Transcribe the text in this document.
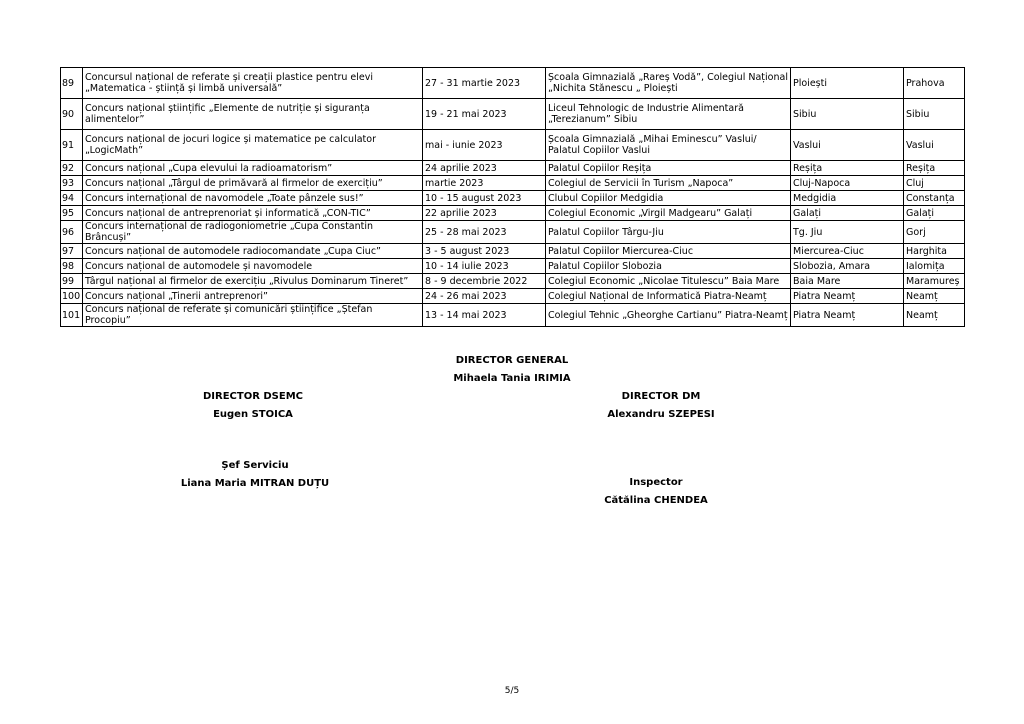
89	Concursul național de referate și creații plastice pentru elevi „Matematica - știință și limbă universală”	27 - 31 martie 2023	Școala Gimnazială „Rareș Vodă”, Colegiul Național „Nichita Stănescu „ Ploiești	Ploiești	Prahova
90	Concurs național științific „Elemente de nutriție și siguranța alimentelor”	19 - 21 mai 2023	Liceul Tehnologic de Industrie Alimentară „Terezianum” Sibiu	Sibiu	Sibiu
91	Concurs național de jocuri logice și matematice pe calculator „LogicMath”	mai - iunie 2023	Școala Gimnazială „Mihai Eminescu” Vaslui/ Palatul Copiilor Vaslui	Vaslui	Vaslui
92	Concurs național „Cupa elevului la radioamatorism”	24 aprilie 2023	Palatul Copiilor Reșița	Reșița	Reșița
93	Concurs național „Târgul de primăvară al firmelor de exercițiu”	martie 2023	Colegiul de Servicii în Turism „Napoca”	Cluj-Napoca	Cluj
94	Concurs internațional de navomodele „Toate pânzele sus!”	10 - 15 august 2023	Clubul Copiilor Medgidia	Medgidia	Constanța
95	Concurs național de antreprenoriat și informatică „CON-TIC”	22 aprilie 2023	Colegiul Economic „Virgil Madgearu” Galați	Galați	Galați
96	Concurs internațional de radiogoniometrie „Cupa Constantin Brâncuși”	25 - 28 mai 2023	Palatul Copiilor Târgu-Jiu	Tg. Jiu	Gorj
97	Concurs național de automodele radiocomandate „Cupa Ciuc”	3 - 5 august 2023	Palatul Copiilor Miercurea-Ciuc	Miercurea-Ciuc	Harghita
98	Concurs național de automodele și navomodele	10 - 14 iulie 2023	Palatul Copiilor Slobozia	Slobozia, Amara	Ialomița
99	Târgul național al firmelor de exercițiu „Rivulus Dominarum Tineret”	8 - 9 decembrie 2022	Colegiul Economic „Nicolae Titulescu” Baia Mare	Baia Mare	Maramureș
100	Concurs național „Tinerii antreprenori”	24 - 26 mai 2023	Colegiul Național de Informatică Piatra-Neamț	Piatra Neamț	Neamț
101	Concurs național de referate și comunicări științifice „Ștefan Procopiu”	13 - 14 mai 2023	Colegiul Tehnic „Gheorghe Cartianu” Piatra-Neamț	Piatra Neamț	Neamț
DIRECTOR GENERAL
Mihaela Tania IRIMIA
DIRECTOR DSEMC
Eugen STOICA
DIRECTOR DM
Alexandru SZEPESI
Șef Serviciu
Liana Maria MITRAN DUȚU	Inspector
Cătălina CHENDEA
5/5
